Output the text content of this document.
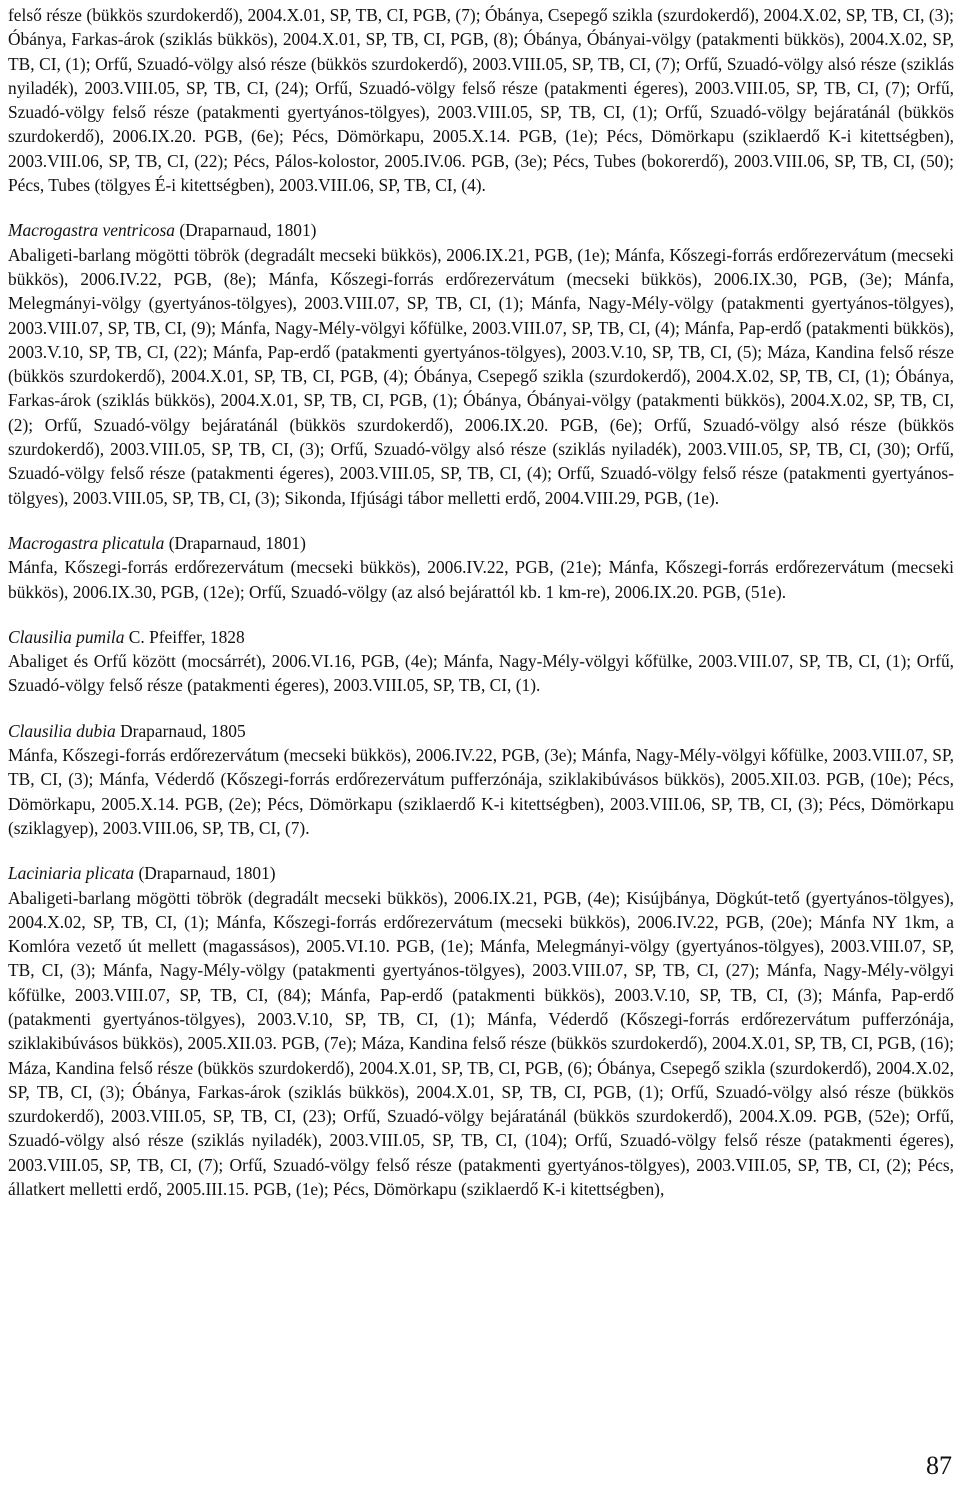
felső része (bükkös szurdokerdő), 2004.X.01, SP, TB, CI, PGB, (7); Óbánya, Csepegő szikla (szurdokerdő), 2004.X.02, SP, TB, CI, (3); Óbánya, Farkas-árok (sziklás bükkös), 2004.X.01, SP, TB, CI, PGB, (8); Óbánya, Óbányai-völgy (patakmenti bükkös), 2004.X.02, SP, TB, CI, (1); Orfű, Szuadó-völgy alsó része (bükkös szurdokerdő), 2003.VIII.05, SP, TB, CI, (7); Orfű, Szuadó-völgy alsó része (sziklás nyiladék), 2003.VIII.05, SP, TB, CI, (24); Orfű, Szuadó-völgy felső része (patakmenti égeres), 2003.VIII.05, SP, TB, CI, (7); Orfű, Szuadó-völgy felső része (patakmenti gyertyános-tölgyes), 2003.VIII.05, SP, TB, CI, (1); Orfű, Szuadó-völgy bejáratánál (bükkös szurdokerdő), 2006.IX.20. PGB, (6e); Pécs, Dömörkapu, 2005.X.14. PGB, (1e); Pécs, Dömörkapu (sziklaerdő K-i kitettségben), 2003.VIII.06, SP, TB, CI, (22); Pécs, Pálos-kolostor, 2005.IV.06. PGB, (3e); Pécs, Tubes (bokorerdő), 2003.VIII.06, SP, TB, CI, (50); Pécs, Tubes (tölgyes É-i kitettségben), 2003.VIII.06, SP, TB, CI, (4).

Macrogastra ventricosa (Draparnaud, 1801)

Abaligeti-barlang mögötti töbrök (degradált mecseki bükkös), 2006.IX.21, PGB, (1e); Mánfa, Kőszegi-forrás erdőrezervátum (mecseki bükkös), 2006.IV.22, PGB, (8e); Mánfa, Kőszegi-forrás erdőrezervátum (mecseki bükkös), 2006.IX.30, PGB, (3e); Mánfa, Melegmányi-völgy (gyertyános-tölgyes), 2003.VIII.07, SP, TB, CI, (1); Mánfa, Nagy-Mély-völgy (patakmenti gyertyános-tölgyes), 2003.VIII.07, SP, TB, CI, (9); Mánfa, Nagy-Mély-völgyi kőfülke, 2003.VIII.07, SP, TB, CI, (4); Mánfa, Pap-erdő (patakmenti bükkös), 2003.V.10, SP, TB, CI, (22); Mánfa, Pap-erdő (patakmenti gyertyános-tölgyes), 2003.V.10, SP, TB, CI, (5); Máza, Kandina felső része (bükkös szurdokerdő), 2004.X.01, SP, TB, CI, PGB, (4); Óbánya, Csepegő szikla (szurdokerdő), 2004.X.02, SP, TB, CI, (1); Óbánya, Farkas-árok (sziklás bükkös), 2004.X.01, SP, TB, CI, PGB, (1); Óbánya, Óbányai-völgy (patakmenti bükkös), 2004.X.02, SP, TB, CI, (2); Orfű, Szuadó-völgy bejáratánál (bükkös szurdokerdő), 2006.IX.20. PGB, (6e); Orfű, Szuadó-völgy alsó része (bükkös szurdokerdő), 2003.VIII.05, SP, TB, CI, (3); Orfű, Szuadó-völgy alsó része (sziklás nyiladék), 2003.VIII.05, SP, TB, CI, (30); Orfű, Szuadó-völgy felső része (patakmenti égeres), 2003.VIII.05, SP, TB, CI, (4); Orfű, Szuadó-völgy felső része (patakmenti gyertyános-tölgyes), 2003.VIII.05, SP, TB, CI, (3); Sikonda, Ifjúsági tábor melletti erdő, 2004.VIII.29, PGB, (1e).

Macrogastra plicatula (Draparnaud, 1801)

Mánfa, Kőszegi-forrás erdőrezervátum (mecseki bükkös), 2006.IV.22, PGB, (21e); Mánfa, Kőszegi-forrás erdőrezervátum (mecseki bükkös), 2006.IX.30, PGB, (12e); Orfű, Szuadó-völgy (az alsó bejárattól kb. 1 km-re), 2006.IX.20. PGB, (51e).

Clausilia pumila C. Pfeiffer, 1828

Abaliget és Orfű között (mocsárrét), 2006.VI.16, PGB, (4e); Mánfa, Nagy-Mély-völgyi kőfülke, 2003.VIII.07, SP, TB, CI, (1); Orfű, Szuadó-völgy felső része (patakmenti égeres), 2003.VIII.05, SP, TB, CI, (1).

Clausilia dubia Draparnaud, 1805

Mánfa, Kőszegi-forrás erdőrezervátum (mecseki bükkös), 2006.IV.22, PGB, (3e); Mánfa, Nagy-Mély-völgyi kőfülke, 2003.VIII.07, SP, TB, CI, (3); Mánfa, Véderdő (Kőszegi-forrás erdőrezervátum pufferzónája, sziklakibúvásos bükkös), 2005.XII.03. PGB, (10e); Pécs, Dömörkapu, 2005.X.14. PGB, (2e); Pécs, Dömörkapu (sziklaerdő K-i kitettségben), 2003.VIII.06, SP, TB, CI, (3); Pécs, Dömörkapu (sziklagyep), 2003.VIII.06, SP, TB, CI, (7).

Laciniaria plicata (Draparnaud, 1801)

Abaligeti-barlang mögötti töbrök (degradált mecseki bükkös), 2006.IX.21, PGB, (4e); Kisújbánya, Dögkút-tető (gyertyános-tölgyes), 2004.X.02, SP, TB, CI, (1); Mánfa, Kőszegi-forrás erdőrezervátum (mecseki bükkös), 2006.IV.22, PGB, (20e); Mánfa NY 1km, a Komlóra vezető út mellett (magassásos), 2005.VI.10. PGB, (1e); Mánfa, Melegmányi-völgy (gyertyános-tölgyes), 2003.VIII.07, SP, TB, CI, (3); Mánfa, Nagy-Mély-völgy (patakmenti gyertyános-tölgyes), 2003.VIII.07, SP, TB, CI, (27); Mánfa, Nagy-Mély-völgyi kőfülke, 2003.VIII.07, SP, TB, CI, (84); Mánfa, Pap-erdő (patakmenti bükkös), 2003.V.10, SP, TB, CI, (3); Mánfa, Pap-erdő (patakmenti gyertyános-tölgyes), 2003.V.10, SP, TB, CI, (1); Mánfa, Véderdő (Kőszegi-forrás erdőrezervátum pufferzónája, sziklakibúvásos bükkös), 2005.XII.03. PGB, (7e); Máza, Kandina felső része (bükkös szurdokerdő), 2004.X.01, SP, TB, CI, PGB, (16); Máza, Kandina felső része (bükkös szurdokerdő), 2004.X.01, SP, TB, CI, PGB, (6); Óbánya, Csepegő szikla (szurdokerdő), 2004.X.02, SP, TB, CI, (3); Óbánya, Farkas-árok (sziklás bükkös), 2004.X.01, SP, TB, CI, PGB, (1); Orfű, Szuadó-völgy alsó része (bükkös szurdokerdő), 2003.VIII.05, SP, TB, CI, (23); Orfű, Szuadó-völgy bejáratánál (bükkös szurdokerdő), 2004.X.09. PGB, (52e); Orfű, Szuadó-völgy alsó része (sziklás nyiladék), 2003.VIII.05, SP, TB, CI, (104); Orfű, Szuadó-völgy felső része (patakmenti égeres), 2003.VIII.05, SP, TB, CI, (7); Orfű, Szuadó-völgy felső része (patakmenti gyertyános-tölgyes), 2003.VIII.05, SP, TB, CI, (2); Pécs, állatkert melletti erdő, 2005.III.15. PGB, (1e); Pécs, Dömörkapu (sziklaerdő K-i kitettségben),

87
